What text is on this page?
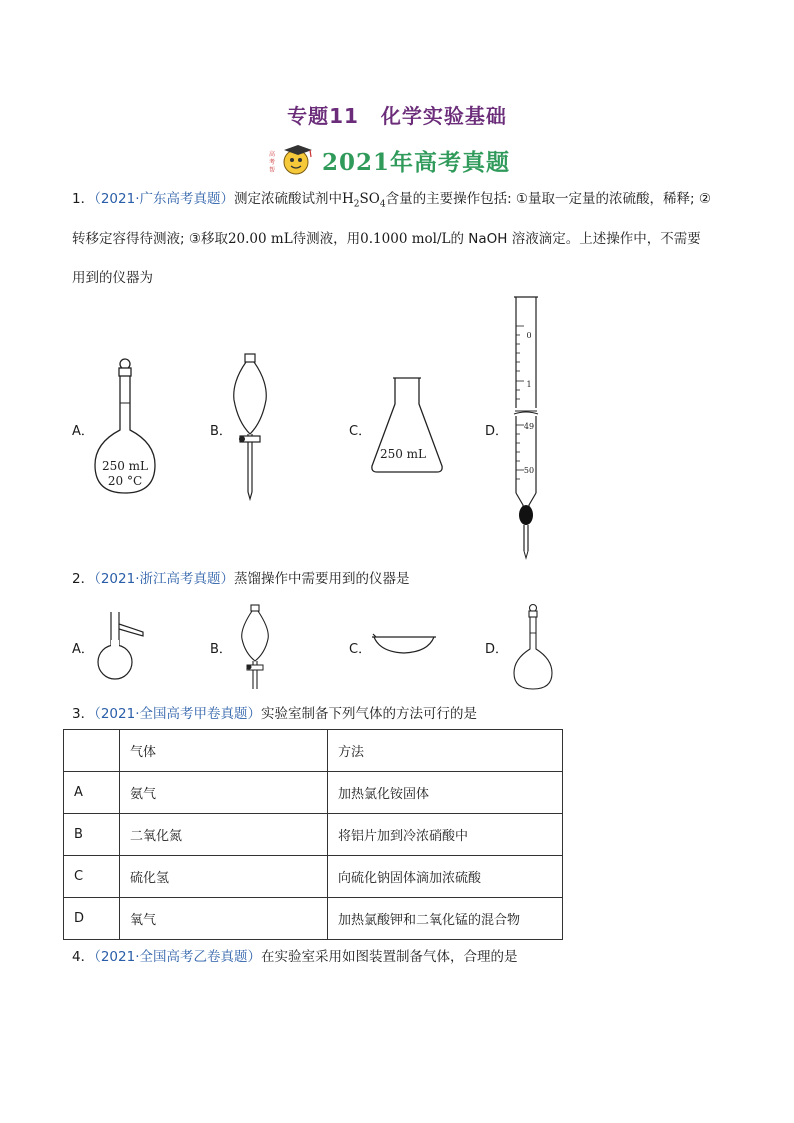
专题11 化学实验基础
高
考
帮 2021年高考真题
1．（2021·广东高考真题）测定浓硫酸试剂中$H_2SO_4$含量的主要操作包括: ①量取一定量的浓硫酸，稀释; ②
转移定容得待测液; ③移取20.00 mL待测液，用0.1000 mol/L的 NaOH 溶液滴定。上述操作中，不需要
用到的仪器为
A．	B．	C．	D．
250 mL
20 °C
250 mL
0
1
49
50
2．（2021·浙江高考真题）蒸馏操作中需要用到的仪器是
A．	B．	C．	D．
3．（2021·全国高考甲卷真题）实验室制备下列气体的方法可行的是
	气体	方法
A	氨气	加热氯化铵固体
B	二氧化氮	将铝片加到冷浓硝酸中
C	硫化氢	向硫化钠固体滴加浓硫酸
D	氧气	加热氯酸钾和二氧化锰的混合物
4．（2021·全国高考乙卷真题）在实验室采用如图装置制备气体，合理的是
